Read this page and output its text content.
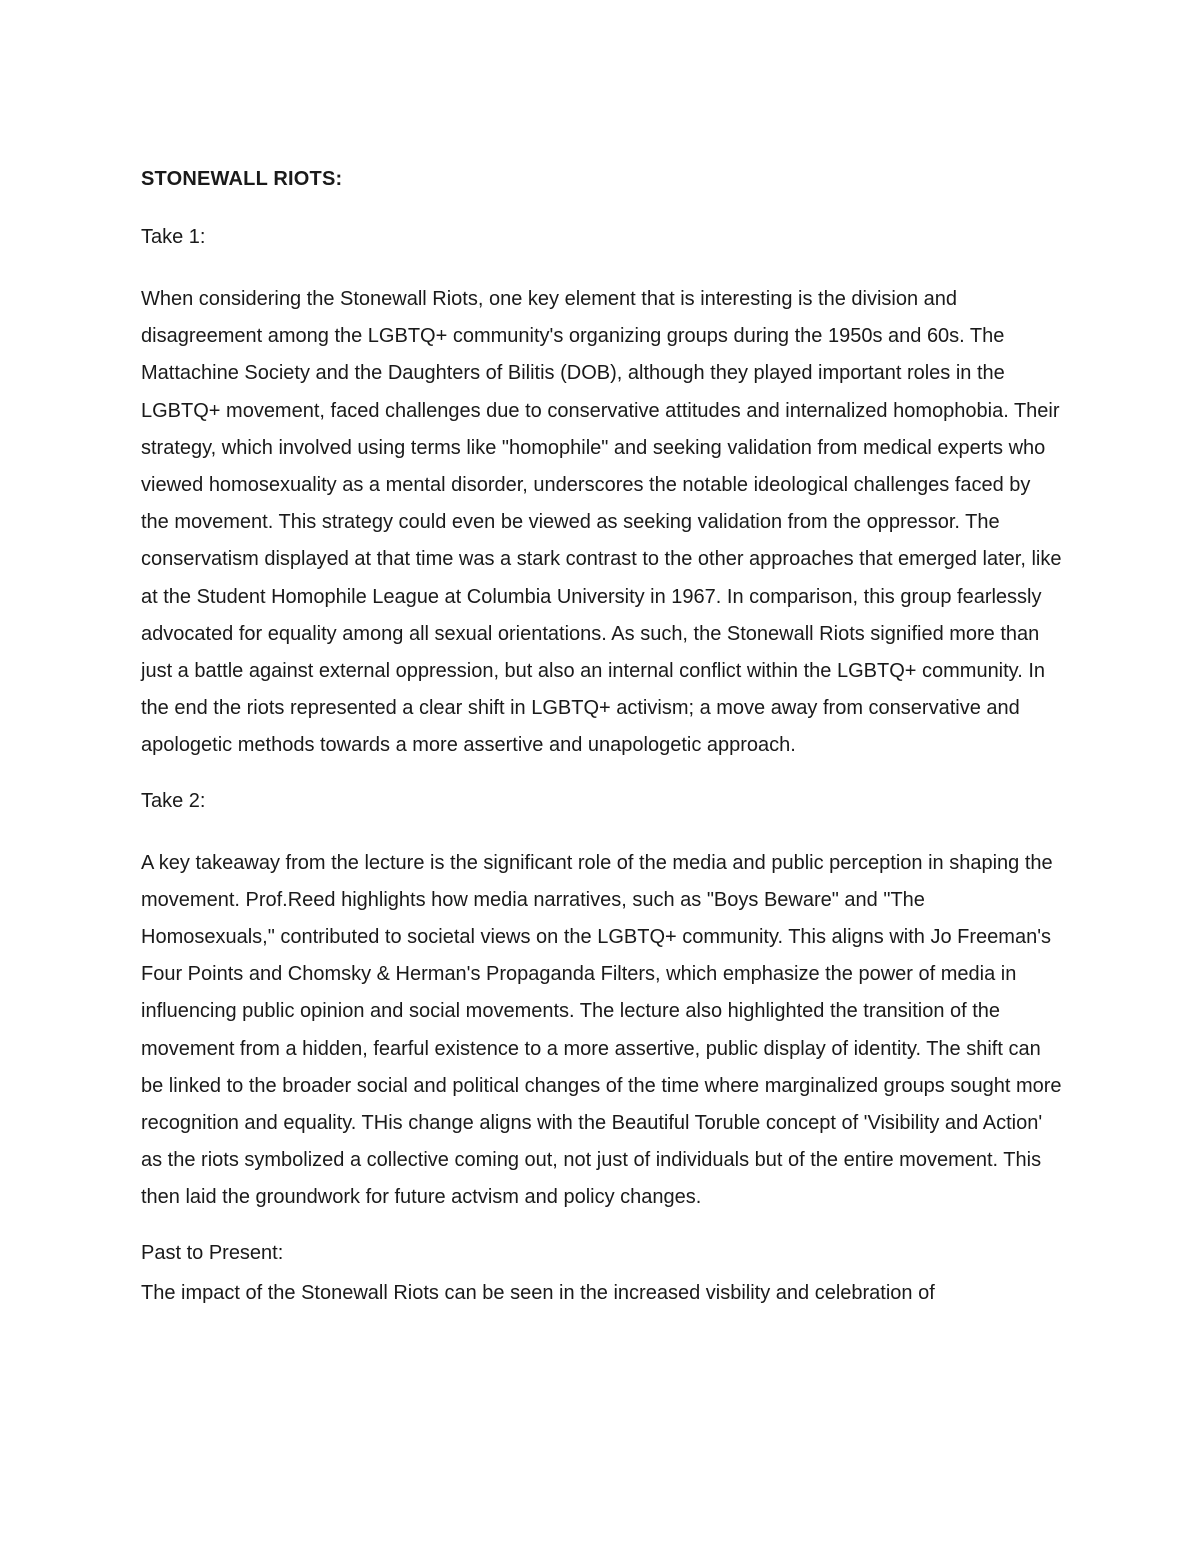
STONEWALL RIOTS:
Take 1:
When considering the Stonewall Riots, one key element that is interesting is the division and disagreement among the LGBTQ+ community's organizing groups during the 1950s and 60s. The Mattachine Society and the Daughters of Bilitis (DOB), although they played important roles in the LGBTQ+ movement, faced challenges due to conservative attitudes and internalized homophobia. Their strategy, which involved using terms like "homophile" and seeking validation from medical experts who viewed homosexuality as a mental disorder, underscores the notable ideological challenges faced by the movement. This strategy could even be viewed as seeking validation from the oppressor. The conservatism displayed at that time was a stark contrast to the other approaches that emerged later, like at the Student Homophile League at Columbia University in 1967. In comparison, this group fearlessly advocated for equality among all sexual orientations. As such, the Stonewall Riots signified more than just a battle against external oppression, but also an internal conflict within the LGBTQ+ community. In the end the riots represented a clear shift in LGBTQ+ activism; a move away from conservative and apologetic methods towards a more assertive and unapologetic approach.
Take 2:
A key takeaway from the lecture is the significant role of the media and public perception in shaping the movement. Prof.Reed highlights how media narratives, such as "Boys Beware" and "The Homosexuals," contributed to societal views on the LGBTQ+ community. This aligns with Jo Freeman's Four Points and Chomsky & Herman's Propaganda Filters, which emphasize the power of media in influencing public opinion and social movements. The lecture also highlighted the transition of the movement from a hidden, fearful existence to a more assertive, public display of identity. The shift can be linked to the broader social and political changes of the time where marginalized groups sought more recognition and equality. THis change aligns with the Beautiful Toruble concept of 'Visibility and Action' as the riots symbolized a collective coming out, not just of individuals but of the entire movement. This then laid the groundwork for future actvism and policy changes.
Past to Present:
The impact of the Stonewall Riots can be seen in the increased visbility and celebration of
